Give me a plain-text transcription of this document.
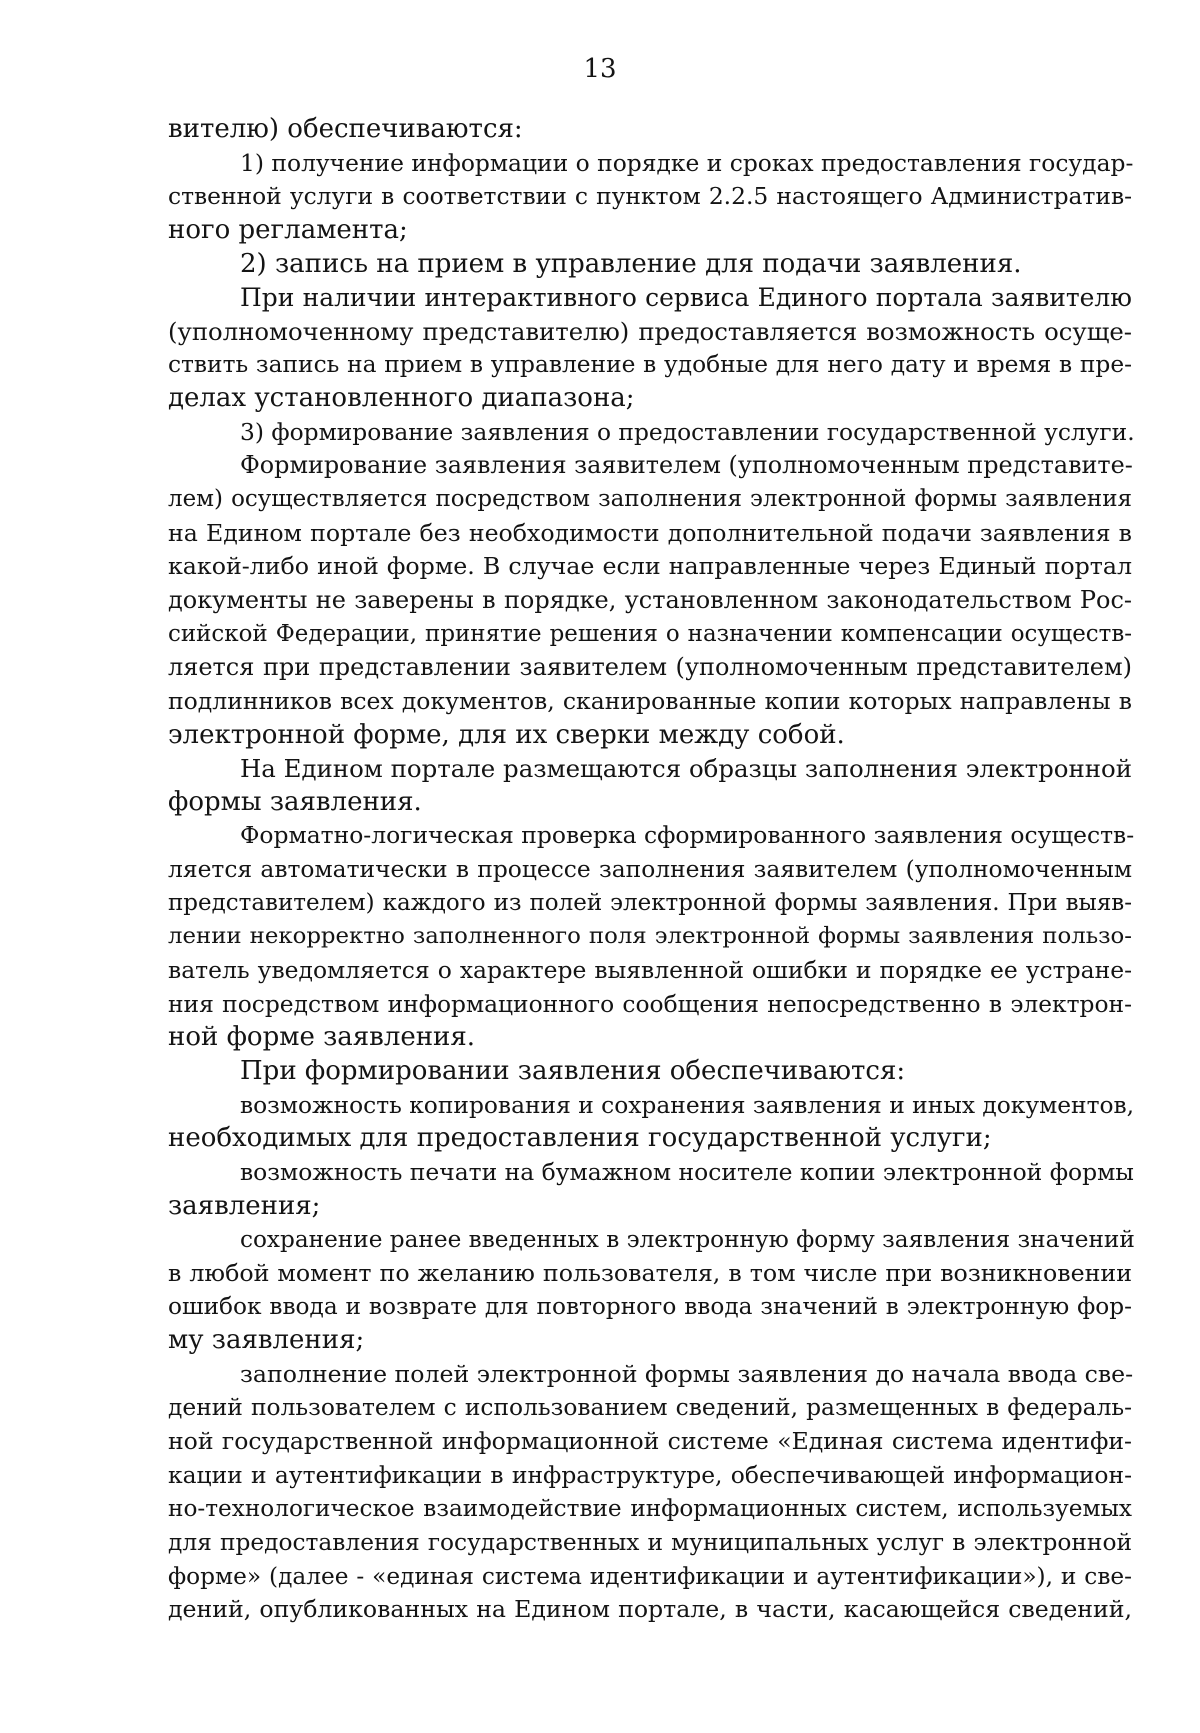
13
вителю) обеспечиваются:
1) получение информации о порядке и сроках предоставления государ-
ственной услуги в соответствии с пунктом 2.2.5 настоящего Административ-
ного регламента;
2) запись на прием в управление для подачи заявления.
При наличии интерактивного сервиса Единого портала заявителю
(уполномоченному представителю) предоставляется возможность осуще-
ствить запись на прием в управление в удобные для него дату и время в пре-
делах установленного диапазона;
3) формирование заявления о предоставлении государственной услуги.
Формирование заявления заявителем (уполномоченным представите-
лем) осуществляется посредством заполнения электронной формы заявления
на Едином портале без необходимости дополнительной подачи заявления в
какой-либо иной форме. В случае если направленные через Единый портал
документы не заверены в порядке, установленном законодательством Рос-
сийской Федерации, принятие решения о назначении компенсации осуществ-
ляется при представлении заявителем (уполномоченным представителем)
подлинников всех документов, сканированные копии которых направлены в
электронной форме, для их сверки между собой.
На Едином портале размещаются образцы заполнения электронной
формы заявления.
Форматно-логическая проверка сформированного заявления осуществ-
ляется автоматически в процессе заполнения заявителем (уполномоченным
представителем) каждого из полей электронной формы заявления. При выяв-
лении некорректно заполненного поля электронной формы заявления пользо-
ватель уведомляется о характере выявленной ошибки и порядке ее устране-
ния посредством информационного сообщения непосредственно в электрон-
ной форме заявления.
При формировании заявления обеспечиваются:
возможность копирования и сохранения заявления и иных документов,
необходимых для предоставления государственной услуги;
возможность печати на бумажном носителе копии электронной формы
заявления;
сохранение ранее введенных в электронную форму заявления значений
в любой момент по желанию пользователя, в том числе при возникновении
ошибок ввода и возврате для повторного ввода значений в электронную фор-
му заявления;
заполнение полей электронной формы заявления до начала ввода све-
дений пользователем с использованием сведений, размещенных в федераль-
ной государственной информационной системе «Единая система идентифи-
кации и аутентификации в инфраструктуре, обеспечивающей информацион-
но-технологическое взаимодействие информационных систем, используемых
для предоставления государственных и муниципальных услуг в электронной
форме» (далее - «единая система идентификации и аутентификации»), и све-
дений, опубликованных на Едином портале, в части, касающейся сведений,
